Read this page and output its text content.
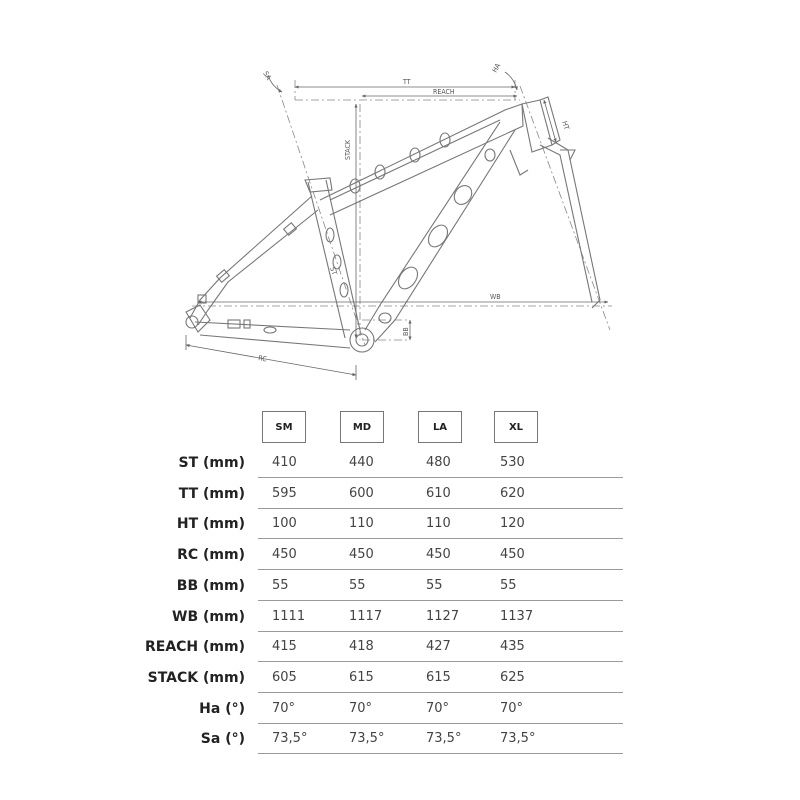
TT
REACH
STACK
ST
WB
RC
BB
HT
HA
SA
SM	MD	LA	XL
ST (mm) 410	440	480	530
TT (mm) 595	600	610	620
HT (mm) 100	110	110	120
RC (mm) 450	450	450	450
BB (mm) 55	55	55	55
WB (mm) 1111	1117	1127	1137
REACH (mm) 415	418	427	435
STACK (mm) 605	615	615	625
Ha (°) 70°	70°	70°	70°
Sa (°) 73,5°	73,5°	73,5°	73,5°
